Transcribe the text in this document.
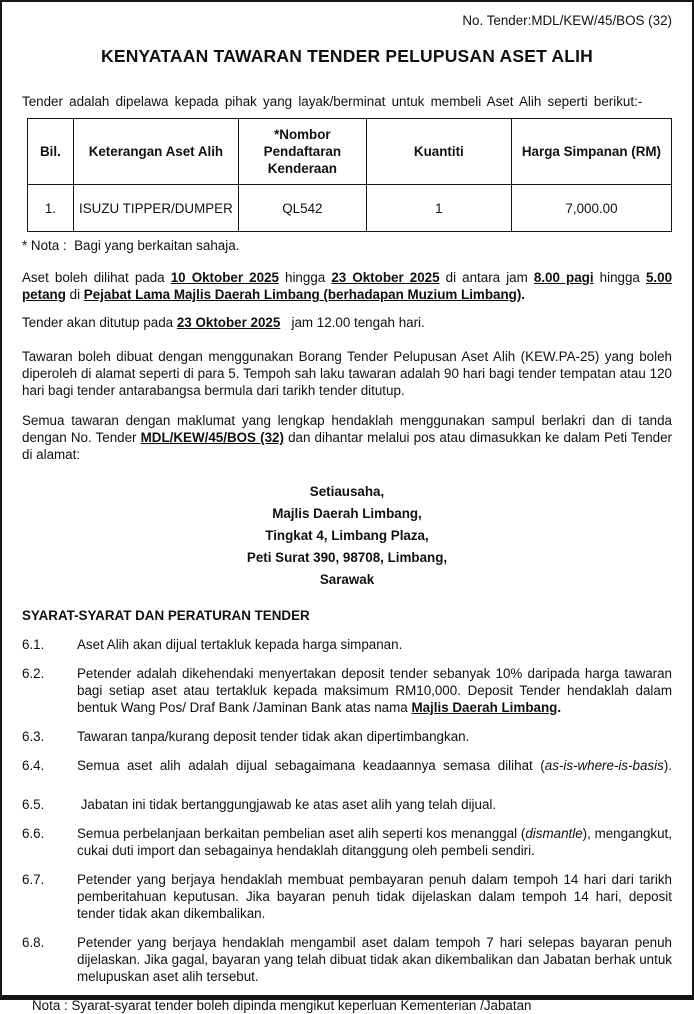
No. Tender:MDL/KEW/45/BOS (32)
KENYATAAN TAWARAN TENDER PELUPUSAN ASET ALIH
Tender adalah dipelawa kepada pihak yang layak/berminat untuk membeli Aset Alih seperti berikut:-
Bil.	Keterangan Aset Alih	*Nombor Pendaftaran Kenderaan	Kuantiti	Harga Simpanan (RM)
1.	ISUZU TIPPER/DUMPER	QL542	1	7,000.00
* Nota :  Bagi yang berkaitan sahaja.
Aset boleh dilihat pada 10 Oktober 2025 hingga 23 Oktober 2025 di antara jam 8.00 pagi hingga 5.00 petang di Pejabat Lama Majlis Daerah Limbang (berhadapan Muzium Limbang).
Tender akan ditutup pada 23 Oktober 2025   jam 12.00 tengah hari.
Tawaran boleh dibuat dengan menggunakan Borang Tender Pelupusan Aset Alih (KEW.PA-25) yang boleh diperoleh di alamat seperti di para 5. Tempoh sah laku tawaran adalah 90 hari bagi tender tempatan atau 120 hari bagi tender antarabangsa bermula dari tarikh tender ditutup.
Semua tawaran dengan maklumat yang lengkap hendaklah menggunakan sampul berlakri dan di tanda dengan No. Tender MDL/KEW/45/BOS (32) dan dihantar melalui pos atau dimasukkan ke dalam Peti Tender di alamat:
Setiausaha,
Majlis Daerah Limbang,
Tingkat 4, Limbang Plaza,
Peti Surat 390, 98708, Limbang,
Sarawak
SYARAT-SYARAT DAN PERATURAN TENDER
6.1.	Aset Alih akan dijual tertakluk kepada harga simpanan.
6.2.	Petender adalah dikehendaki menyertakan deposit tender sebanyak 10% daripada harga tawaran bagi setiap aset atau tertakluk kepada maksimum RM10,000. Deposit Tender hendaklah dalam bentuk Wang Pos/ Draf Bank /Jaminan Bank atas nama Majlis Daerah Limbang.
6.3.	Tawaran tanpa/kurang deposit tender tidak akan dipertimbangkan.
6.4.	Semua aset alih adalah dijual sebagaimana keadaannya semasa dilihat (as-is-where-is-basis).
6.5.	Jabatan ini tidak bertanggungjawab ke atas aset alih yang telah dijual.
6.6.	Semua perbelanjaan berkaitan pembelian aset alih seperti kos menanggal (dismantle), mengangkut, cukai duti import dan sebagainya hendaklah ditanggung oleh pembeli sendiri.
6.7.	Petender yang berjaya hendaklah membuat pembayaran penuh dalam tempoh 14 hari dari tarikh pemberitahuan keputusan. Jika bayaran penuh tidak dijelaskan dalam tempoh 14 hari, deposit tender tidak akan dikembalikan.
6.8.	Petender yang berjaya hendaklah mengambil aset dalam tempoh 7 hari selepas bayaran penuh dijelaskan. Jika gagal, bayaran yang telah dibuat tidak akan dikembalikan dan Jabatan berhak untuk melupuskan aset alih tersebut.
Nota : Syarat-syarat tender boleh dipinda mengikut keperluan Kementerian /Jabatan
